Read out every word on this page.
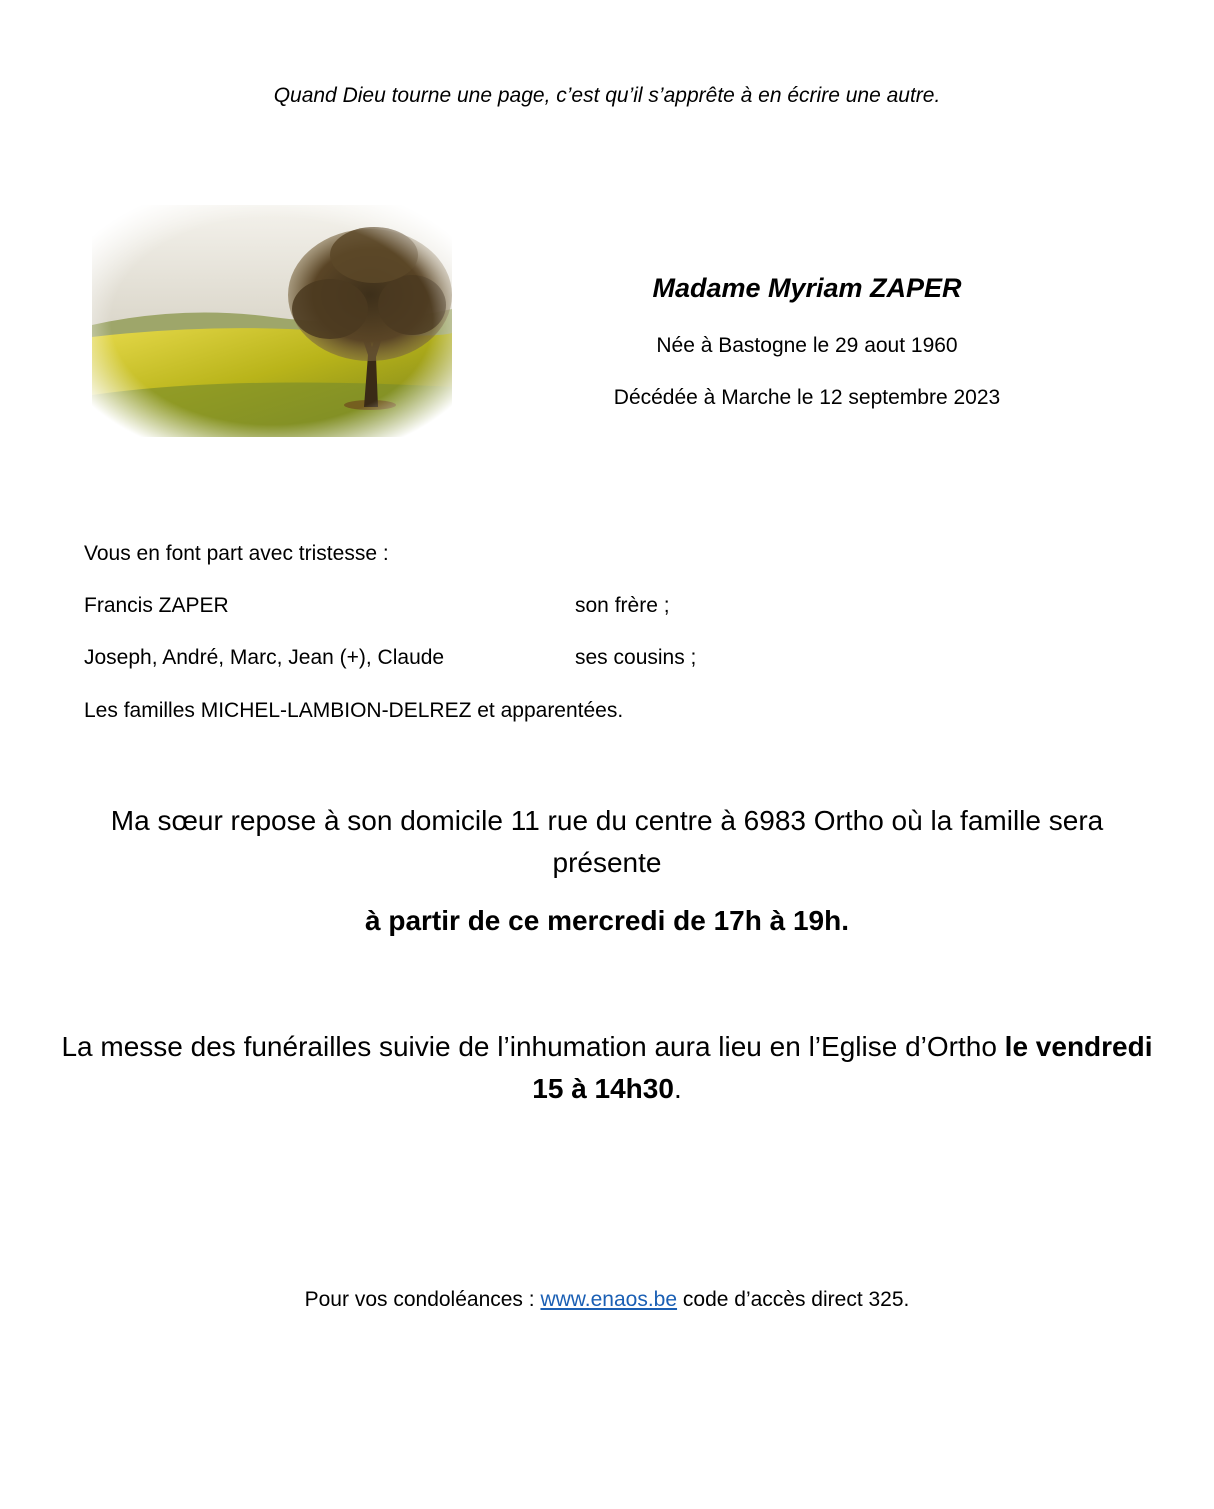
Quand Dieu tourne une page, c’est qu’il s’apprête à en écrire une autre.
Madame Myriam ZAPER
Née à Bastogne le 29 aout 1960
Décédée à Marche le 12 septembre 2023
Vous en font part avec tristesse :
Francis ZAPER	son frère ;
Joseph, André, Marc, Jean (+), Claude	ses cousins ;
Les familles MICHEL-LAMBION-DELREZ et apparentées.
Ma sœur repose à son domicile 11 rue du centre à 6983 Ortho où la famille sera présente
à partir de ce mercredi de 17h à 19h.
La messe des funérailles suivie de l’inhumation aura lieu en l’Eglise d’Ortho le vendredi 15 à 14h30.
Pour vos condoléances : www.enaos.be code d’accès direct 325.
